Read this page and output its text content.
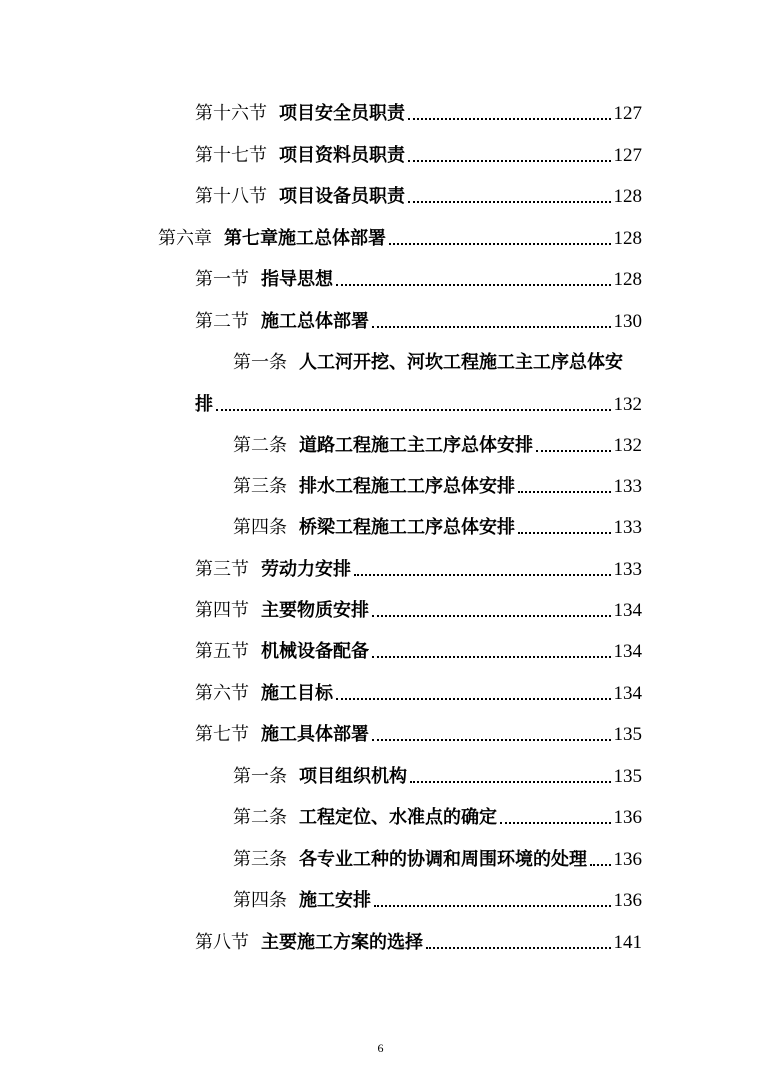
第十六节 项目安全员职责	127
第十七节 项目资料员职责	127
第十八节 项目设备员职责	128
第六章 第七章施工总体部署	128
第一节 指导思想	128
第二节 施工总体部署	130
第一条 人工河开挖、河坎工程施工主工序总体安
排	132
第二条 道路工程施工主工序总体安排	132
第三条 排水工程施工工序总体安排	133
第四条 桥梁工程施工工序总体安排	133
第三节 劳动力安排	133
第四节 主要物质安排	134
第五节 机械设备配备	134
第六节 施工目标	134
第七节 施工具体部署	135
第一条 项目组织机构	135
第二条 工程定位、水准点的确定	136
第三条 各专业工种的协调和周围环境的处理 136
第四条 施工安排	136
第八节 主要施工方案的选择	141
6
